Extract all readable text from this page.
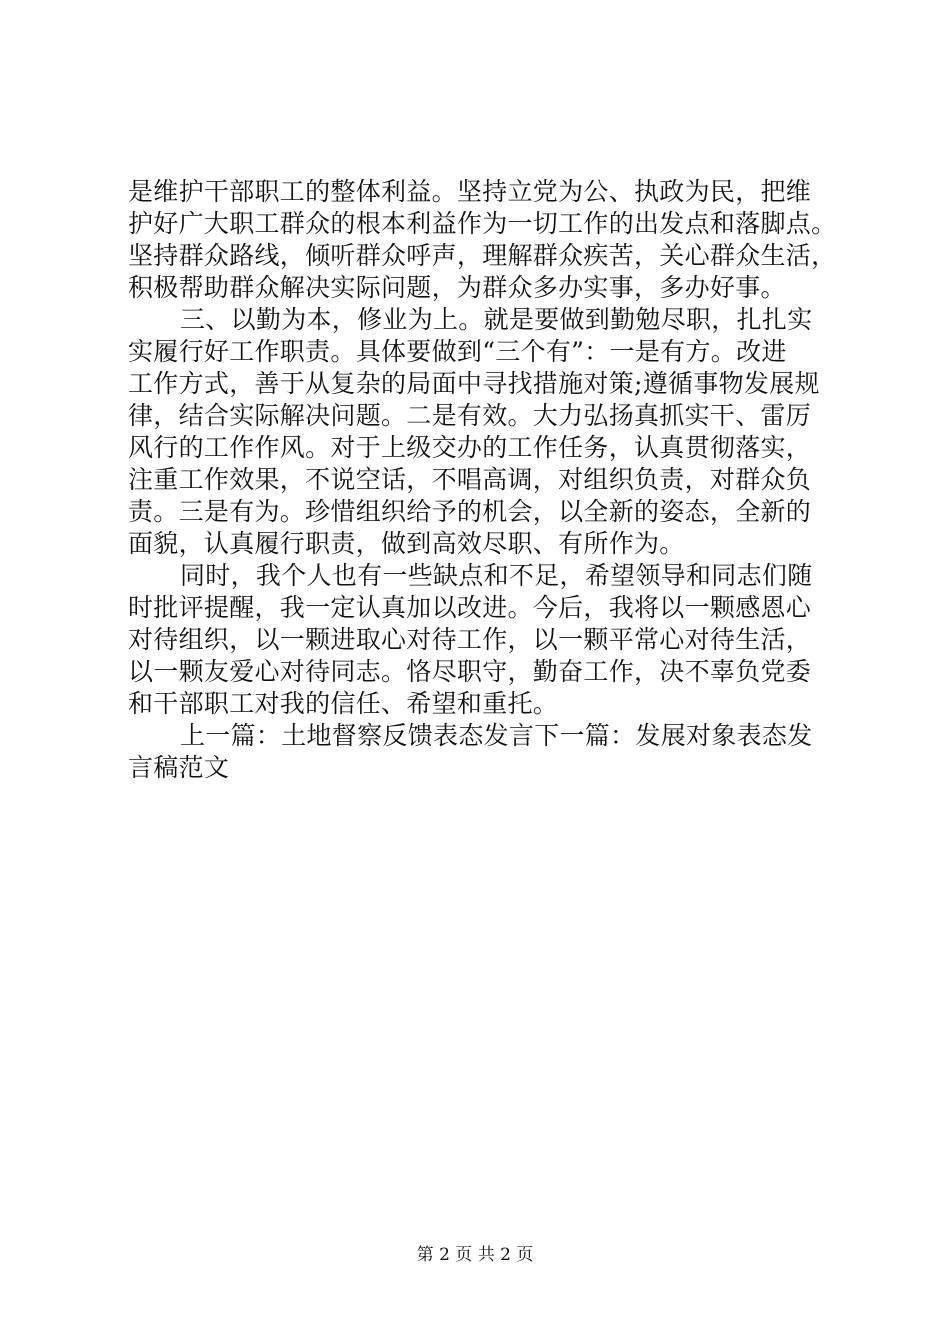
是维护干部职工的整体利益。坚持立党为公、执政为民，把维
护好广大职工群众的根本利益作为一切工作的出发点和落脚点。
坚持群众路线，倾听群众呼声，理解群众疾苦，关心群众生活，
积极帮助群众解决实际问题，为群众多办实事，多办好事。
三、以勤为本，修业为上。就是要做到勤勉尽职，扎扎实
实履行好工作职责。具体要做到“三个有”：一是有方。改进
工作方式，善于从复杂的局面中寻找措施对策;遵循事物发展规
律，结合实际解决问题。二是有效。大力弘扬真抓实干、雷厉
风行的工作作风。对于上级交办的工作任务，认真贯彻落实，
注重工作效果，不说空话，不唱高调，对组织负责，对群众负
责。三是有为。珍惜组织给予的机会，以全新的姿态，全新的
面貌，认真履行职责，做到高效尽职、有所作为。
同时，我个人也有一些缺点和不足，希望领导和同志们随
时批评提醒，我一定认真加以改进。今后，我将以一颗感恩心
对待组织，以一颗进取心对待工作，以一颗平常心对待生活，
以一颗友爱心对待同志。恪尽职守，勤奋工作，决不辜负党委
和干部职工对我的信任、希望和重托。
上一篇：土地督察反馈表态发言下一篇：发展对象表态发
言稿范文
第 2 页 共 2 页
